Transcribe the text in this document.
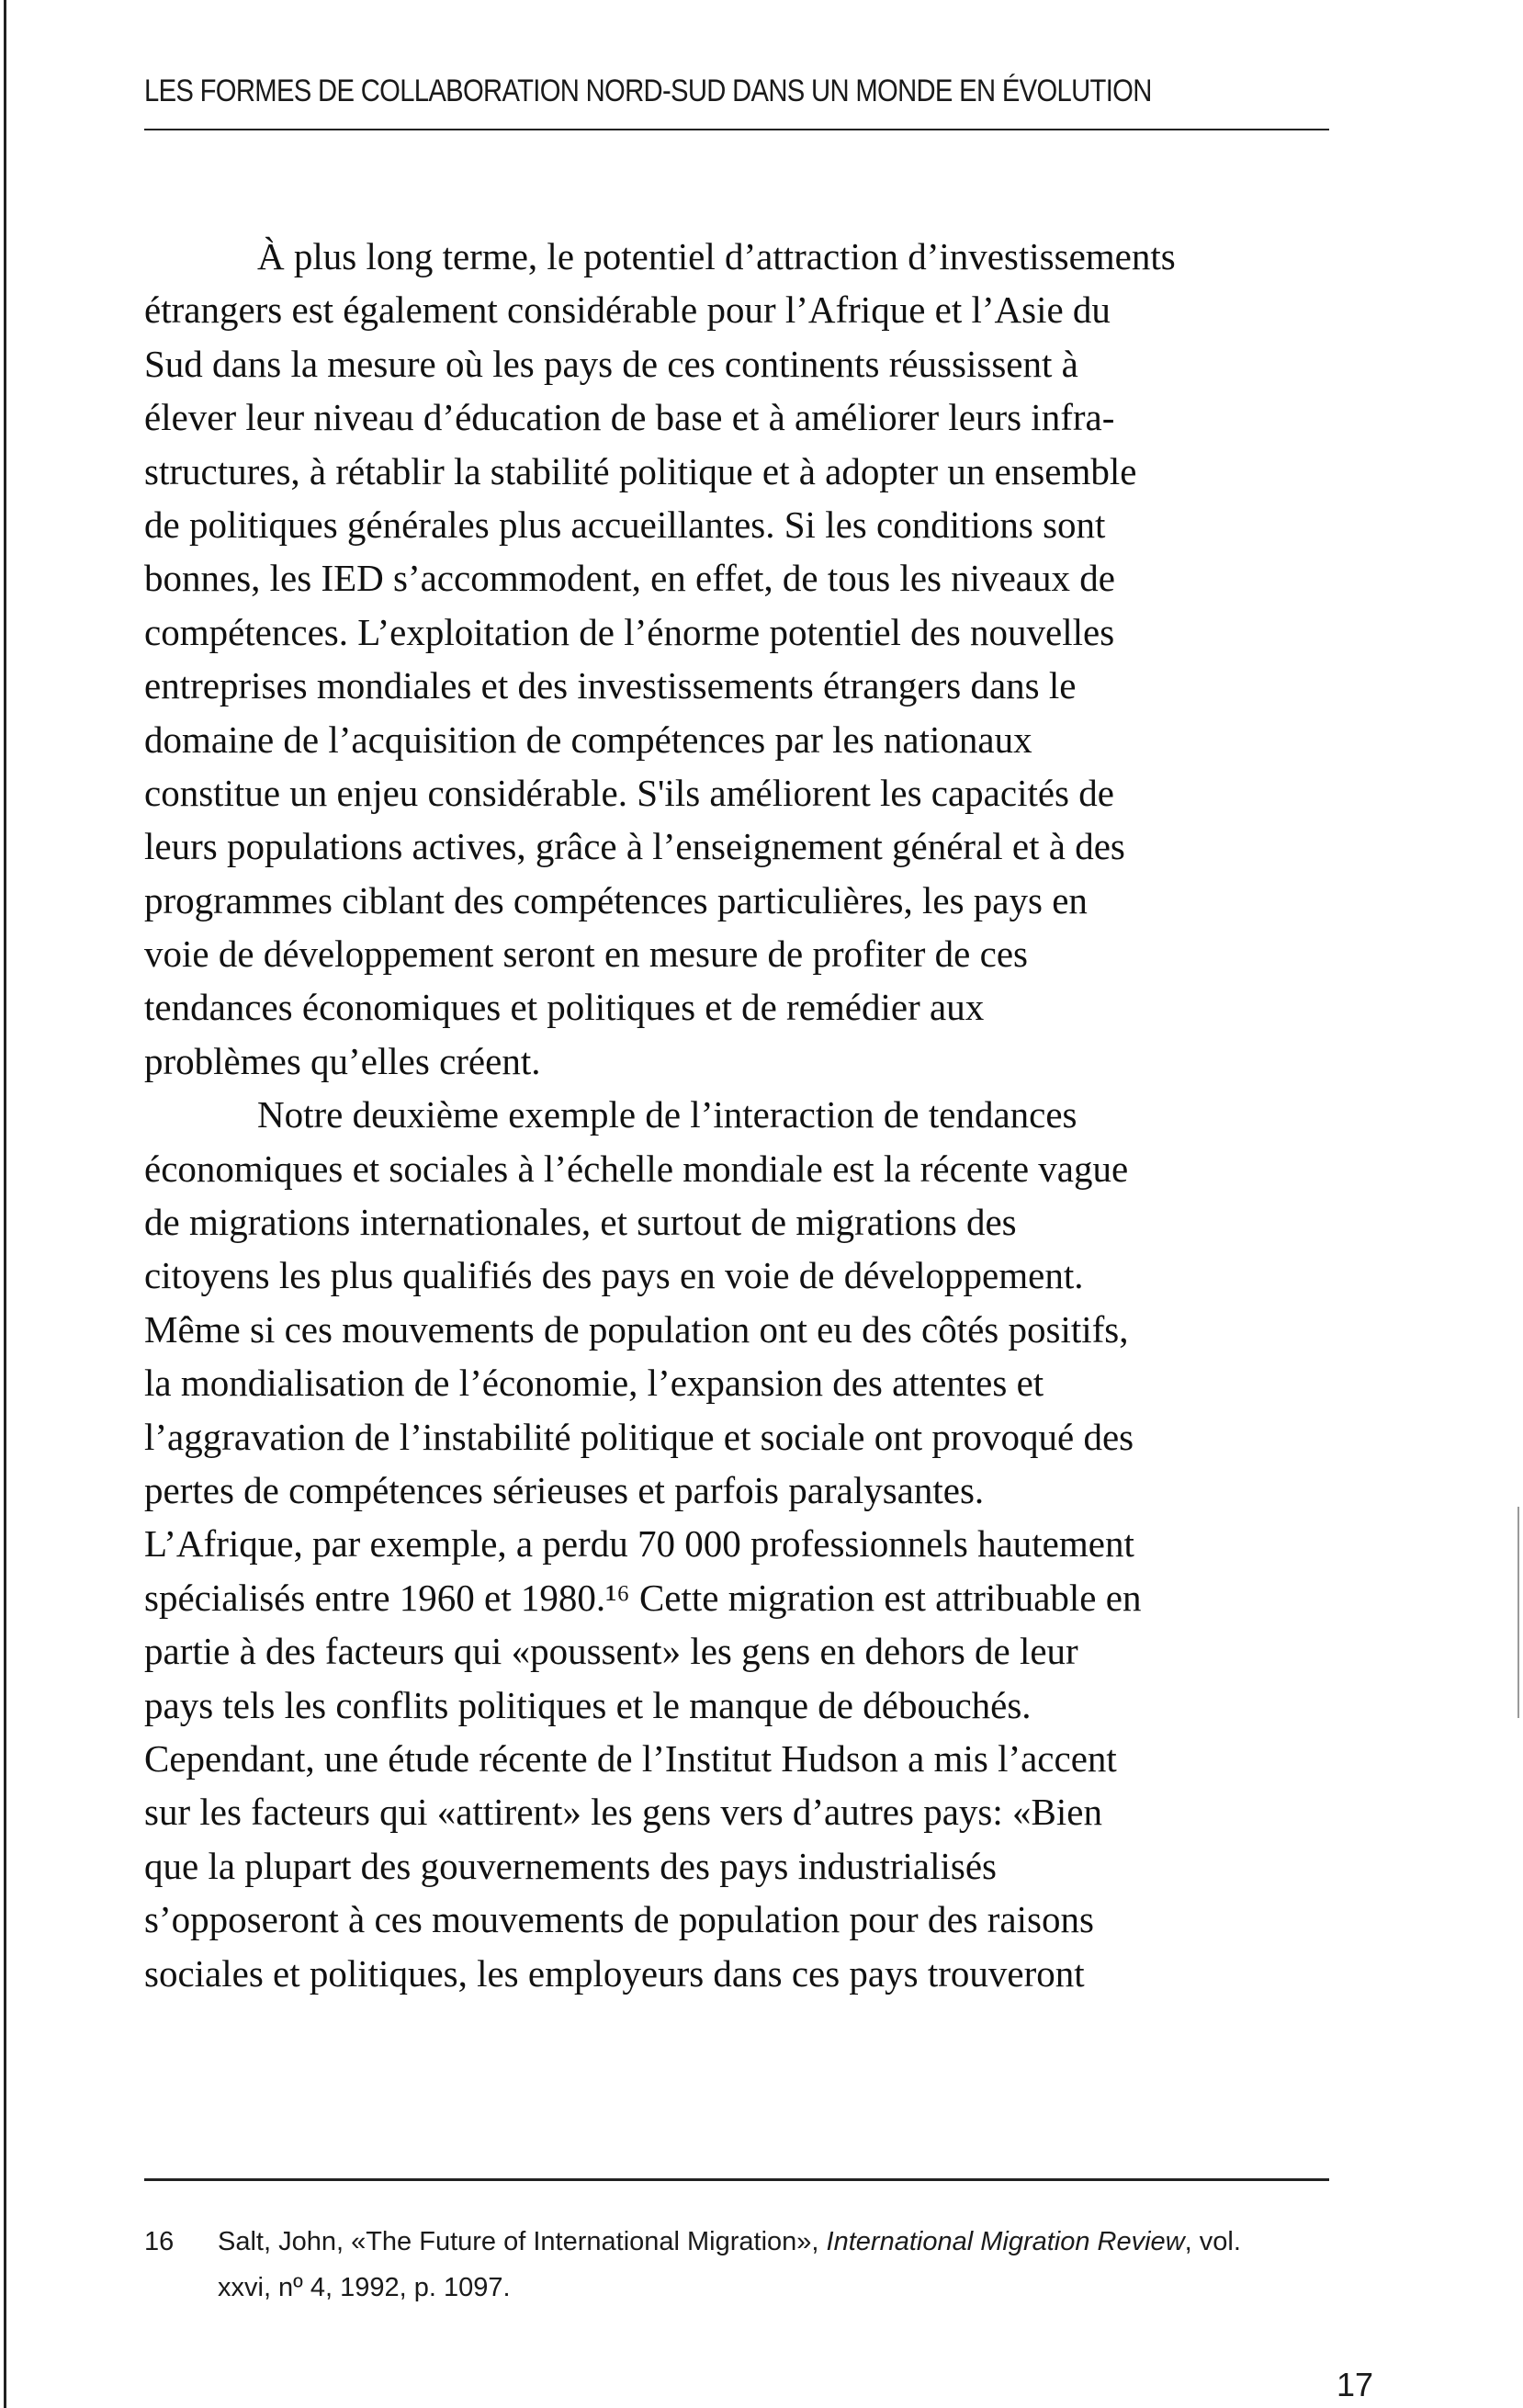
LES FORMES DE COLLABORATION NORD-SUD DANS UN MONDE EN ÉVOLUTION
À plus long terme, le potentiel d’attraction d’investissements
étrangers est également considérable pour l’Afrique et l’Asie du
Sud dans la mesure où les pays de ces continents réussissent à
élever leur niveau d’éducation de base et à améliorer leurs infra-
structures, à rétablir la stabilité politique et à adopter un ensemble
de politiques générales plus accueillantes. Si les conditions sont
bonnes, les IED s’accommodent, en effet, de tous les niveaux de
compétences. L’exploitation de l’énorme potentiel des nouvelles
entreprises mondiales et des investissements étrangers dans le
domaine de l’acquisition de compétences par les nationaux
constitue un enjeu considérable. S'ils améliorent les capacités de
leurs populations actives, grâce à l’enseignement général et à des
programmes ciblant des compétences particulières, les pays en
voie de développement seront en mesure de profiter de ces
tendances économiques et politiques et de remédier aux
problèmes qu’elles créent.
Notre deuxième exemple de l’interaction de tendances
économiques et sociales à l’échelle mondiale est la récente vague
de migrations internationales, et surtout de migrations des
citoyens les plus qualifiés des pays en voie de développement.
Même si ces mouvements de population ont eu des côtés positifs,
la mondialisation de l’économie, l’expansion des attentes et
l’aggravation de l’instabilité politique et sociale ont provoqué des
pertes de compétences sérieuses et parfois paralysantes.
L’Afrique, par exemple, a perdu 70 000 professionnels hautement
spécialisés entre 1960 et 1980.¹⁶ Cette migration est attribuable en
partie à des facteurs qui «poussent» les gens en dehors de leur
pays tels les conflits politiques et le manque de débouchés.
Cependant, une étude récente de l’Institut Hudson a mis l’accent
sur les facteurs qui «attirent» les gens vers d’autres pays: «Bien
que la plupart des gouvernements des pays industrialisés
s’opposeront à ces mouvements de population pour des raisons
sociales et politiques, les employeurs dans ces pays trouveront
16 Salt, John, «The Future of International Migration», International Migration Review, vol.
xxvi, nº 4, 1992, p. 1097.
17
